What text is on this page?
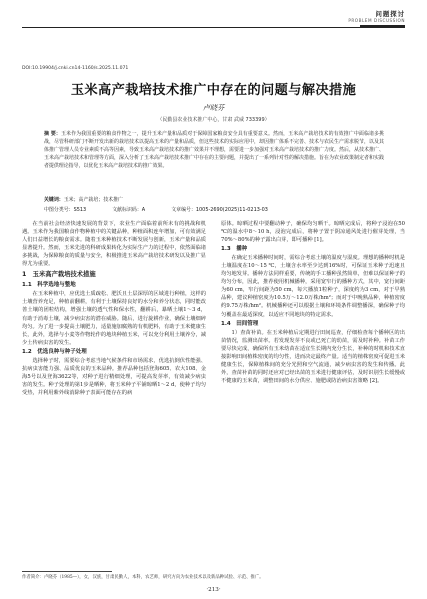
问题探讨
PROBLEM DISCUSSION
DOI:10.19904/j.cnki.cn14-1160/s.2025.11.071
玉米高产栽培技术推广中存在的问题与解决措施
卢晓芬
（民勤县农业技术推广中心，甘肃 武威 733399）
摘 要：玉米作为我国重要的粮食作物之一，提升玉米产量和品质对于保障国家粮食安全具有重要意义。然而，玉米高产栽培技术的有效推广中面临诸多挑战，尽管科研部门不断开发出新的栽培技术以提高玉米的产量和品质，但这些技术的实际应用中，却因推广体系不完善、技术与农民生产需求脱节，以及其体推广管理人员专业素质不高等因素，导致玉米高产栽培技术的推广效果并不理想，需要进一步加强对玉米高产栽培技术的推广力度。然后，从技术推广、玉米高产栽培技术和管理等方面，深入分析了玉米高产栽培技术推广中存在的主要问题，并提出了一系列针对性的解决措施。旨在为农业政策制定者和实践者提供理论指导，以优化玉米高产栽培技术的推广效果。
关键词：玉米；高产栽培；技术推广
中图分类号：S513	文献标识码：A	文章编号：1005-2690(2025)11-0213-03

在当前社会经济快速发展的背景下，农业生产面临着前所未有的挑战和机遇。玉米作为我国粮食作物种植中的关键品种，种植面积连年增加，可有效满足人们日益增长的粮食需求。随着玉米种植技术不断发展与创新，玉米产量和品质显著提升。然而，玉米先进的科研成果转化为实际生产力的过程中，依然面临诸多挑战，为保障粮食的质量与安全，积极推进玉米高产栽培技术研发以及推广显得尤为重要。

1　玉米高产栽培技术措施
1.1　科学选地与整地

在玉米种植中，应优选土质疏松、肥沃且土层深厚的区域进行种植，这样的土壤营养充足，种植前翻耕，有利于土壤保持良好的水分和养分状态，同时能改善土壤的团粒结构，增强土壤的透气性和保水性，翻耕后，暴晒土壤1～3 d，有助于消毒土壤，减少病虫害的潜在威胁。随后，进行旋耕作业，确保土壤细碎均匀。为了进一步提高土壤肥力，适量施加腐熟的有机肥料，有助于玉米健康生长，此外，选择与小麦等作物轮作的地块种植玉米，可以充分利用土壤养分，减少土传病虫害的发生。

1.2　优选良种与种子处理

选择种子时，需要综合考虑当地气候条件和市场需求，优选抗倒伏性能强、抗病虫害能力强、品质优良的玉米品种。推荐品种包括登海605、农大108、金海5号以及登海3622等，对种子进行精细处理，可提高发芽率，有效减少病虫害的发生。种子处理的第1步是晒种，将玉米种子平铺晾晒1～2 d，使种子均匀受热，并利用紫外线消除种子表面可能存在的病

原体。晾晒过程中要翻动种子，确保均匀晒干。晾晒完成后，将种子浸泡在50 ℃的温水中8～10 h，浸泡完成后，将种子置于阴凉通风处进行催芽处理，当70%～80%的种子露出白芽，即可播种 [1]。

1.3　播种

在确定玉米播种时间时，需综合考虑土壤的温度与湿度。理想的播种时机是土壤温度在10～15 ℃，土壤含水率至少达到16%时，可保证玉米种子迅速且均匀地发芽。播种方法同样重要，传统的手工播种虽然简单，但难以保证种子的均匀分布，因此，推荐使用机械播种，采用宽窄行的播种方式，其中，宽行间距为60 cm，窄行间距为50 cm，每穴播放1粒种子，深度约为3 cm，对于早熟品种，建议种植密度为10.5万～12.0万株/hm²；而对于中晚熟品种，种植密度约9.75万株/hm²。机械播种还可以根据土壤和环境条件调整播深，确保种子均匀覆盖在最适深度，以适应不同地块的特定需求。

1.4　田间管理

1）查苗补苗。在玉米种植后定期进行田间巡查，仔细检查每个播种区的出苗情况，监测出苗率。若发现发芽不良或已死亡的幼苗，需及时补种。补苗工作要尽快完成，确保所有玉米幼苗在适宜生长期内充分生长，补种的时机和技术直接影响田间植株密度的均匀性，进而决定最终产量。适当的植株密度可促进玉米健康生长，保障植株间的充分光照和空气流通，减少病虫害的发生和传播。此外，查苗补苗的同时还应对已经出苗的玉米进行健康评估，及时识别生长缓慢或不健康的玉米苗，调整田间的水分供应、施肥或防治病虫害策略 [2]。

作者简介：卢晓芬（1985—），女，汉族，甘肃民勤人，本科，农艺师，研究方向为农业技术以及新品种试验、示范、推广。
·213·
